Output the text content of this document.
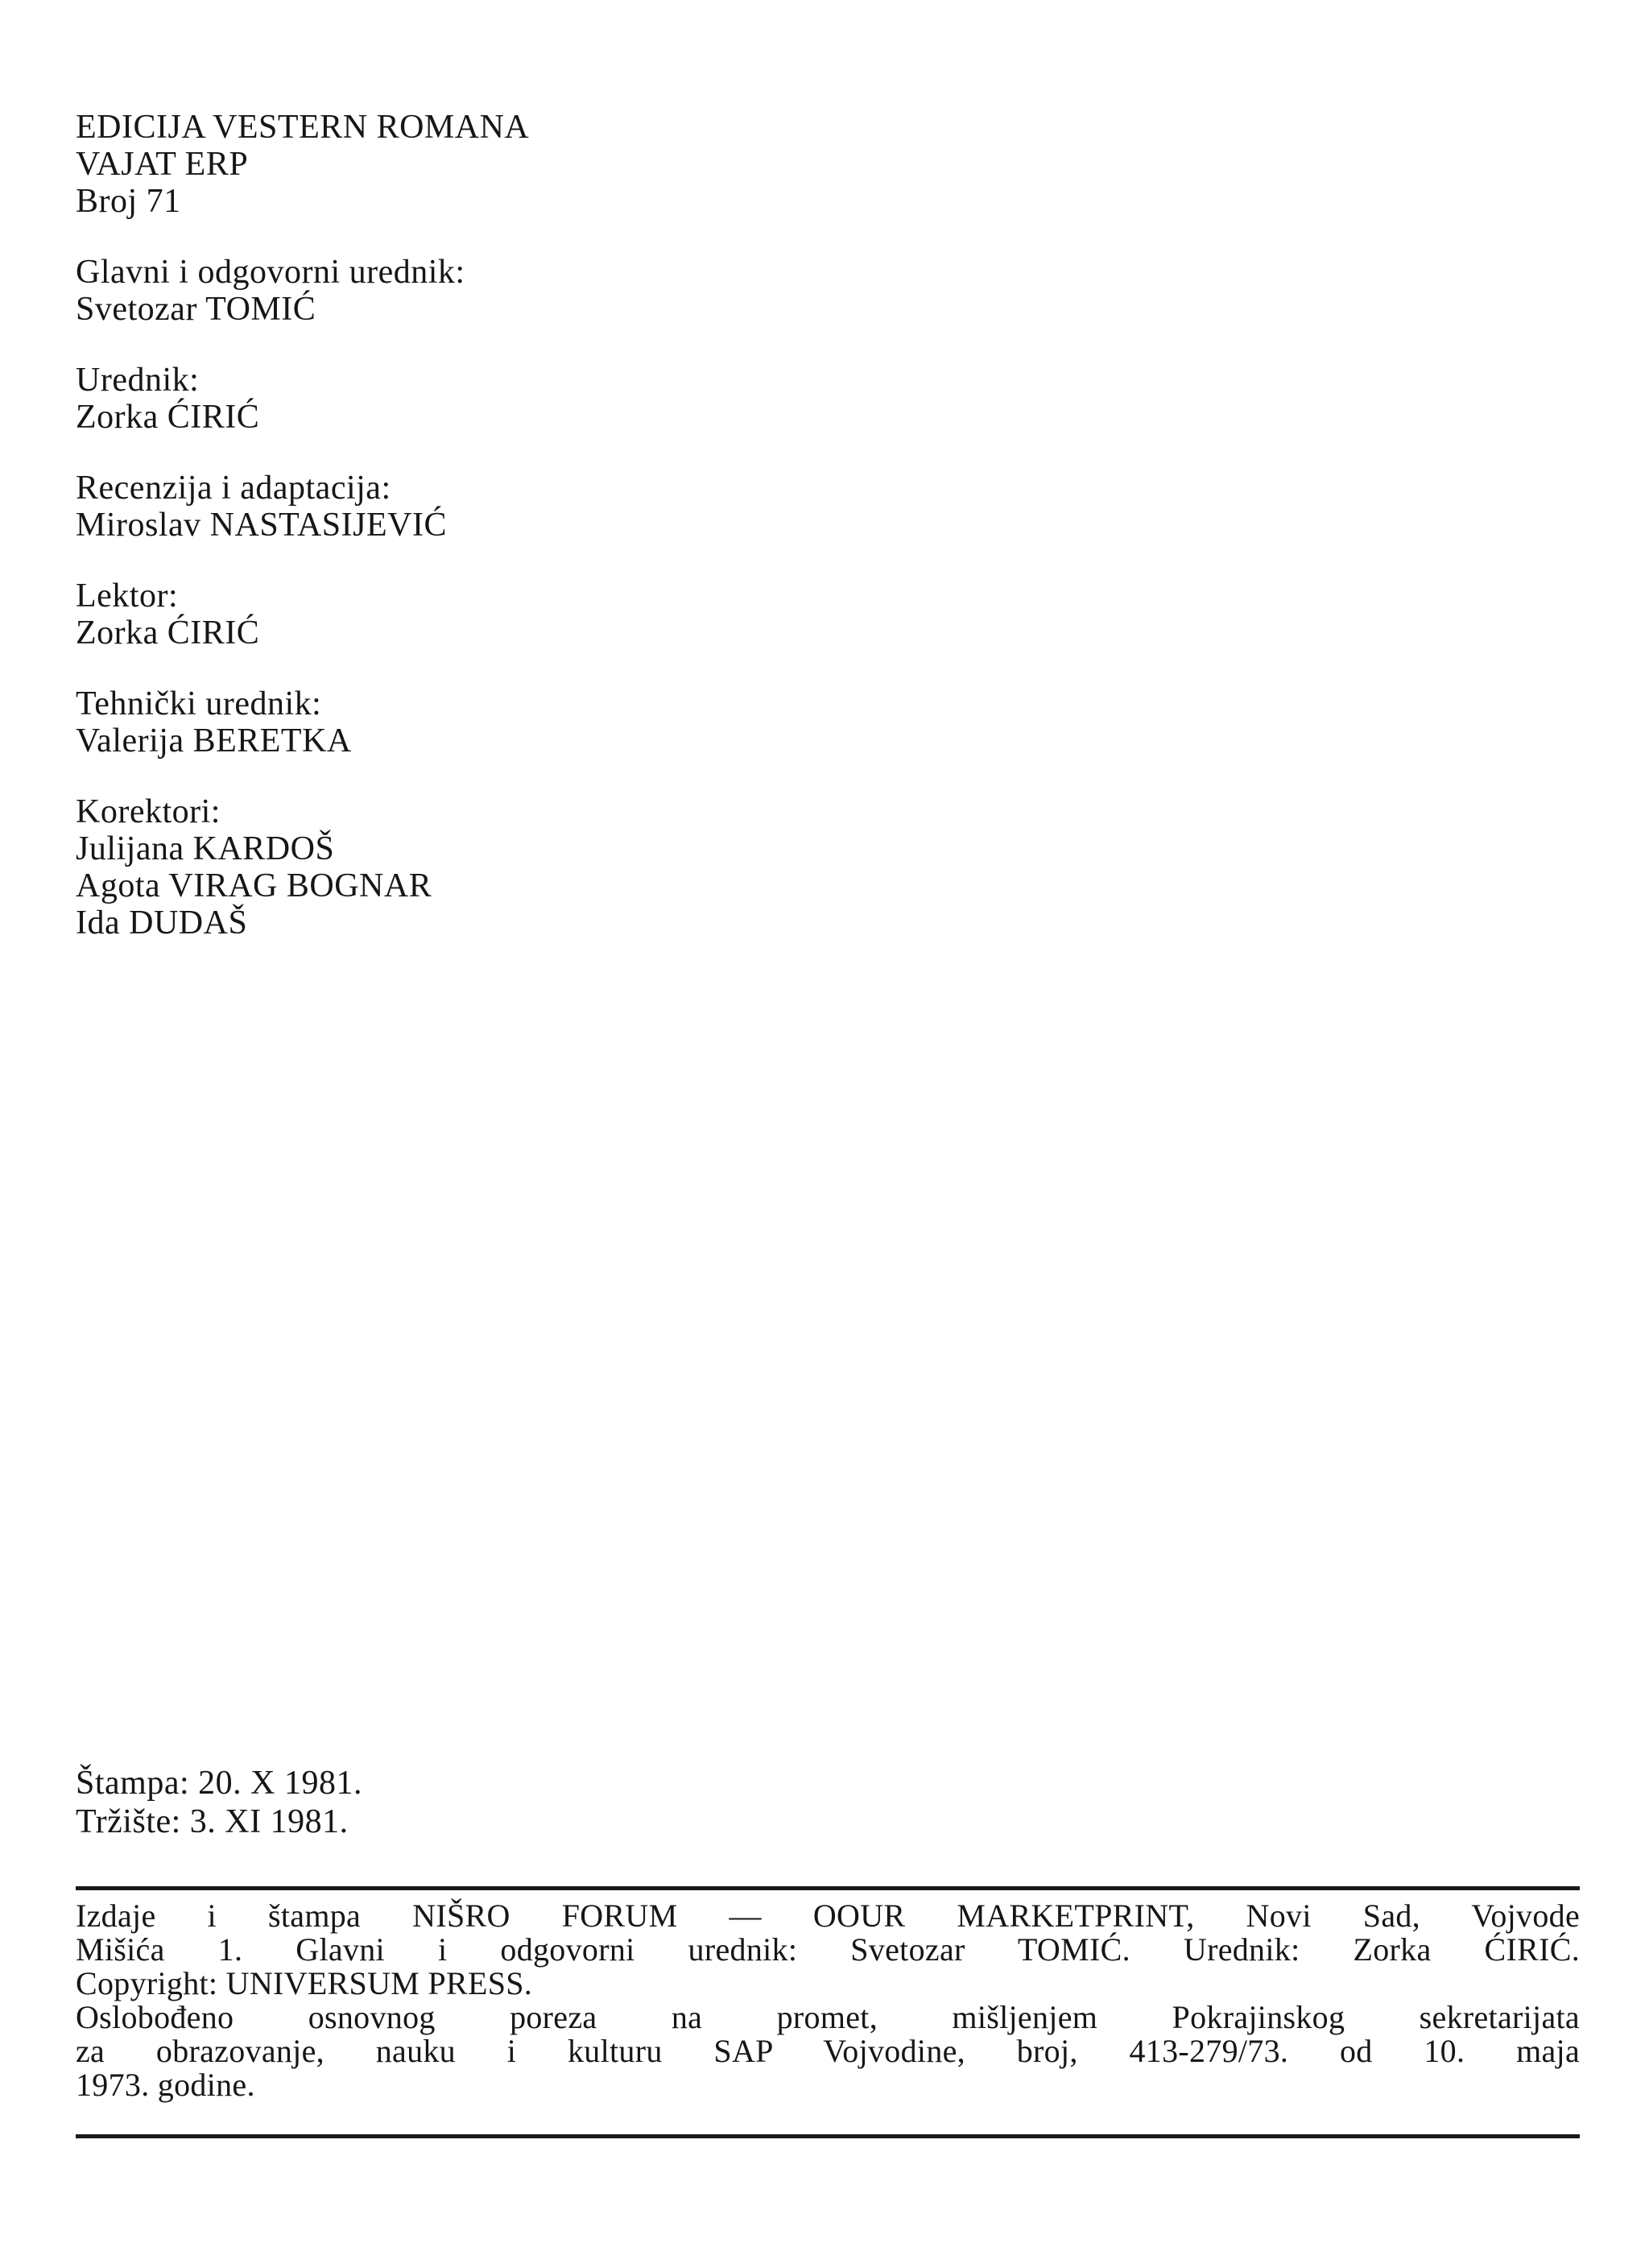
EDICIJA VESTERN ROMANA
VAJAT ERP
Broj 71
Glavni i odgovorni urednik:
Svetozar TOMIĆ
Urednik:
Zorka ĆIRIĆ
Recenzija i adaptacija:
Miroslav NASTASIJEVIĆ
Lektor:
Zorka ĆIRIĆ
Tehnički urednik:
Valerija BERETKA
Korektori:
Julijana KARDOŠ
Agota VIRAG BOGNAR
Ida DUDAŠ
Štampa: 20. X 1981.
Tržište: 3. XI 1981.
Izdaje i štampa NIŠRO FORUM — OOUR MARKETPRINT, Novi Sad, Vojvode
Mišića 1. Glavni i odgovorni urednik: Svetozar TOMIĆ. Urednik: Zorka ĆIRIĆ.
Copyright: UNIVERSUM PRESS.
Oslobođeno osnovnog poreza na promet, mišljenjem Pokrajinskog sekretarijata
za obrazovanje, nauku i kulturu SAP Vojvodine, broj, 413-279/73. od 10. maja
1973. godine.
